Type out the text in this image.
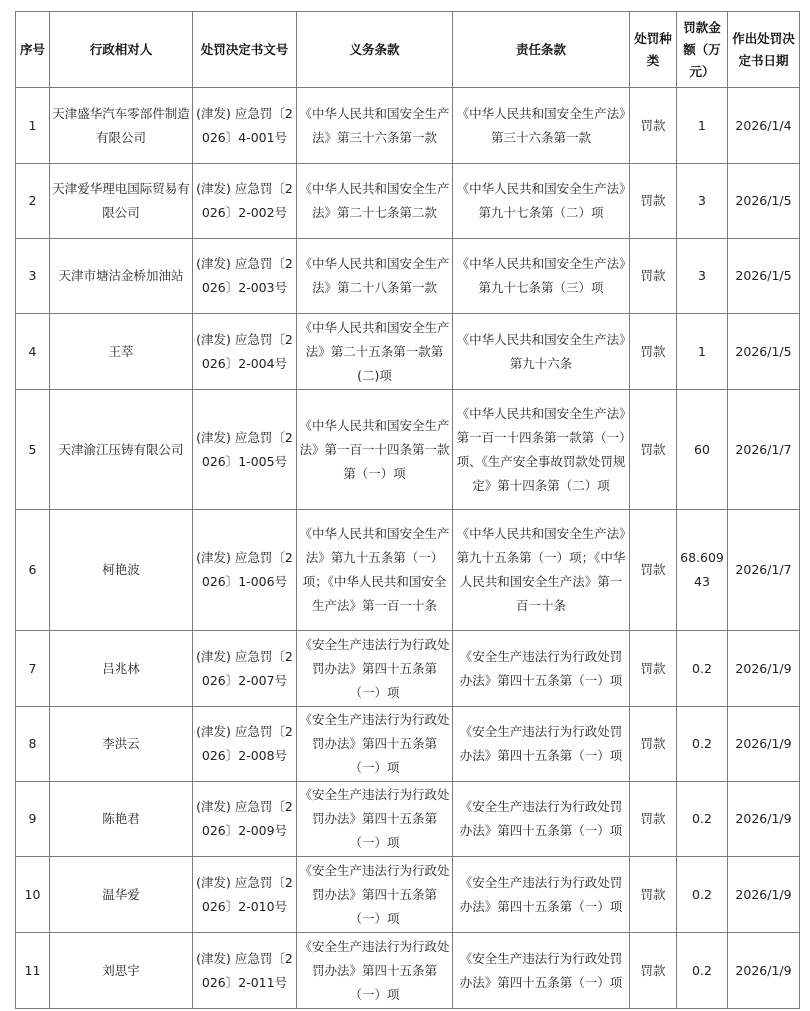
序号	行政相对人	处罚决定书文号	义务条款	责任条款	处罚种类	罚款金额（万元）	作出处罚决定书日期
1	天津盛华汽车零部件制造有限公司	(津发) 应急罚〔2026〕4-001号	《中华人民共和国安全生产法》第三十六条第一款	《中华人民共和国安全生产法》第三十六条第一款	罚款	1	2026/1/4
2	天津爱华理电国际贸易有限公司	(津发) 应急罚〔2026〕2-002号	《中华人民共和国安全生产法》第二十七条第二款	《中华人民共和国安全生产法》第九十七条第（二）项	罚款	3	2026/1/5
3	天津市塘沽金桥加油站	(津发) 应急罚〔2026〕2-003号	《中华人民共和国安全生产法》第二十八条第一款	《中华人民共和国安全生产法》第九十七条第（三）项	罚款	3	2026/1/5
4	王萃	(津发) 应急罚〔2026〕2-004号	《中华人民共和国安全生产法》第二十五条第一款第(二)项	《中华人民共和国安全生产法》第九十六条	罚款	1	2026/1/5
5	天津渝江压铸有限公司	(津发) 应急罚〔2026〕1-005号	《中华人民共和国安全生产法》第一百一十四条第一款第（一）项	《中华人民共和国安全生产法》第一百一十四条第一款第（一）项、《生产安全事故罚款处罚规定》第十四条第（二）项	罚款	60	2026/1/7
6	柯艳波	(津发) 应急罚〔2026〕1-006号	《中华人民共和国安全生产法》第九十五条第（一）项；《中华人民共和国安全生产法》第一百一十条	《中华人民共和国安全生产法》第九十五条第（一）项；《中华人民共和国安全生产法》第一百一十条	罚款	68.60943	2026/1/7
7	吕兆林	(津发) 应急罚〔2026〕2-007号	《安全生产违法行为行政处罚办法》第四十五条第（一）项	《安全生产违法行为行政处罚办法》第四十五条第（一）项	罚款	0.2	2026/1/9
8	李洪云	(津发) 应急罚〔2026〕2-008号	《安全生产违法行为行政处罚办法》第四十五条第（一）项	《安全生产违法行为行政处罚办法》第四十五条第（一）项	罚款	0.2	2026/1/9
9	陈艳君	(津发) 应急罚〔2026〕2-009号	《安全生产违法行为行政处罚办法》第四十五条第（一）项	《安全生产违法行为行政处罚办法》第四十五条第（一）项	罚款	0.2	2026/1/9
10	温华爱	(津发) 应急罚〔2026〕2-010号	《安全生产违法行为行政处罚办法》第四十五条第（一）项	《安全生产违法行为行政处罚办法》第四十五条第（一）项	罚款	0.2	2026/1/9
11	刘思宇	(津发) 应急罚〔2026〕2-011号	《安全生产违法行为行政处罚办法》第四十五条第（一）项	《安全生产违法行为行政处罚办法》第四十五条第（一）项	罚款	0.2	2026/1/9
